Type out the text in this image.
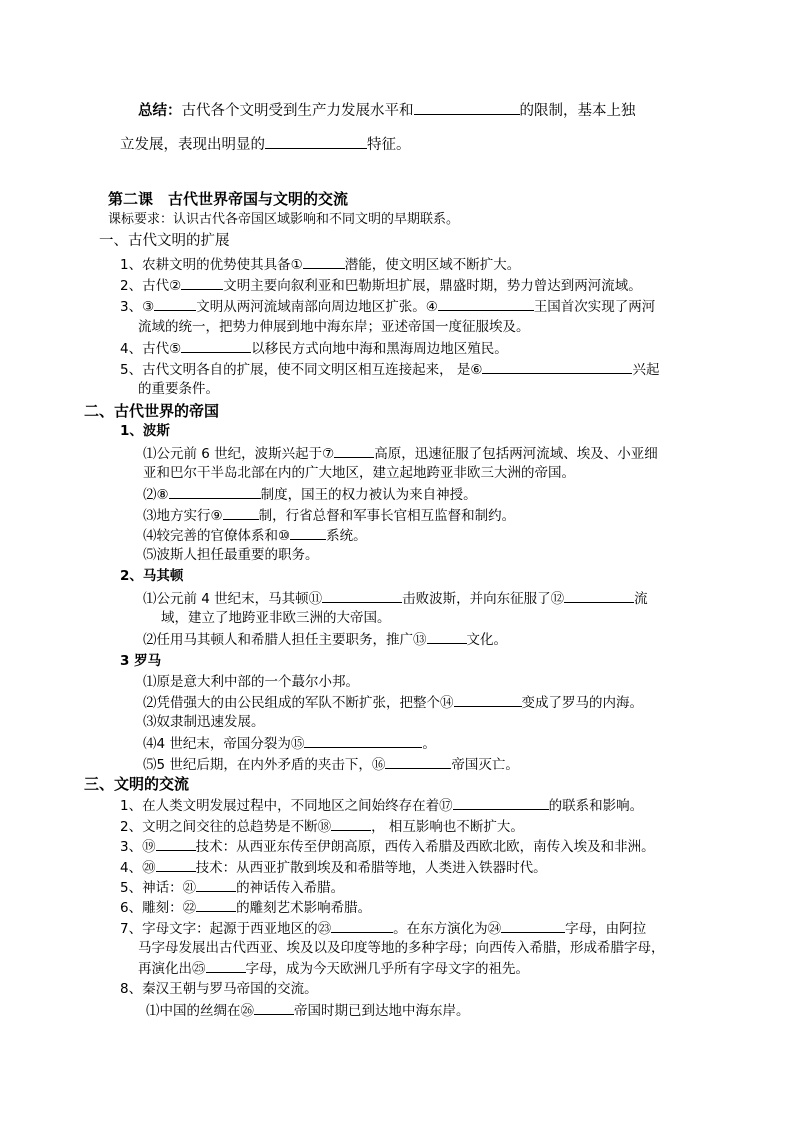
总结：古代各个文明受到生产力发展水平和	的限制，基本上独
立发展，表现出明显的	特征。
第二课　古代世界帝国与文明的交流
课标要求：认识古代各帝国区域影响和不同文明的早期联系。
一、古代文明的扩展
1、农耕文明的优势使其具备①	潜能，使文明区域不断扩大。
2、古代②	文明主要向叙利亚和巴勒斯坦扩展，鼎盛时期，势力曾达到两河流域。
3、③	文明从两河流域南部向周边地区扩张。④	王国首次实现了两河
流域的统一，把势力伸展到地中海东岸；亚述帝国一度征服埃及。
4、古代⑤	以移民方式向地中海和黑海周边地区殖民。
5、古代文明各自的扩展，使不同文明区相互连接起来， 是⑥	兴起
的重要条件。
二、古代世界的帝国
1、波斯
⑴公元前 6 世纪，波斯兴起于⑦	高原，迅速征服了包括两河流域、埃及、小亚细
亚和巴尔干半岛北部在内的广大地区，建立起地跨亚非欧三大洲的帝国。
⑵⑧	制度，国王的权力被认为来自神授。
⑶地方实行⑨	制，行省总督和军事长官相互监督和制约。
⑷较完善的官僚体系和⑩	系统。
⑸波斯人担任最重要的职务。
2、马其顿
⑴公元前 4 世纪末，马其顿⑪	击败波斯，并向东征服了⑫	流
域，建立了地跨亚非欧三洲的大帝国。
⑵任用马其顿人和希腊人担任主要职务，推广⑬	文化。
3 罗马
⑴原是意大利中部的一个蕞尔小邦。
⑵凭借强大的由公民组成的军队不断扩张，把整个⑭	变成了罗马的内海。
⑶奴隶制迅速发展。
⑷4 世纪末，帝国分裂为⑮	。
⑸5 世纪后期，在内外矛盾的夹击下，⑯	帝国灭亡。
三、文明的交流
1、在人类文明发展过程中，不同地区之间始终存在着⑰	的联系和影响。
2、文明之间交往的总趋势是不断⑱	， 相互影响也不断扩大。
3、⑲	技术：从西亚东传至伊朗高原，西传入希腊及西欧北欧，南传入埃及和非洲。
4、⑳	技术：从西亚扩散到埃及和希腊等地，人类进入铁器时代。
5、神话：㉑	的神话传入希腊。
6、雕刻：㉒	的雕刻艺术影响希腊。
7、字母文字：起源于西亚地区的㉓	。在东方演化为㉔	字母，由阿拉
马字母发展出古代西亚、埃及以及印度等地的多种字母；向西传入希腊，形成希腊字母，
再演化出㉕	字母，成为今天欧洲几乎所有字母文字的祖先。
8、秦汉王朝与罗马帝国的交流。
⑴中国的丝绸在㉖	帝国时期已到达地中海东岸。
